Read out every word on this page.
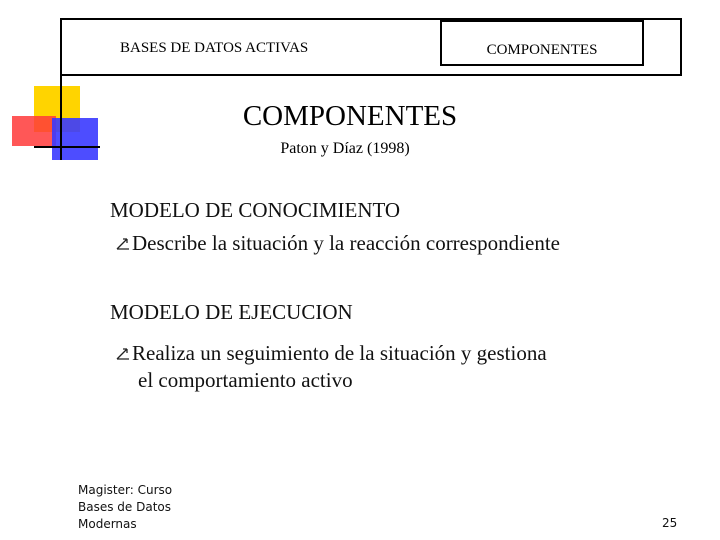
BASES DE DATOS ACTIVAS	COMPONENTES
COMPONENTES
Paton y Díaz (1998)
MODELO DE CONOCIMIENTO
Describe la situación y la reacción correspondiente
MODELO DE EJECUCION
Realiza un seguimiento de la situación y gestiona
el comportamiento activo
Magister: Curso
Bases de Datos
Modernas	25
